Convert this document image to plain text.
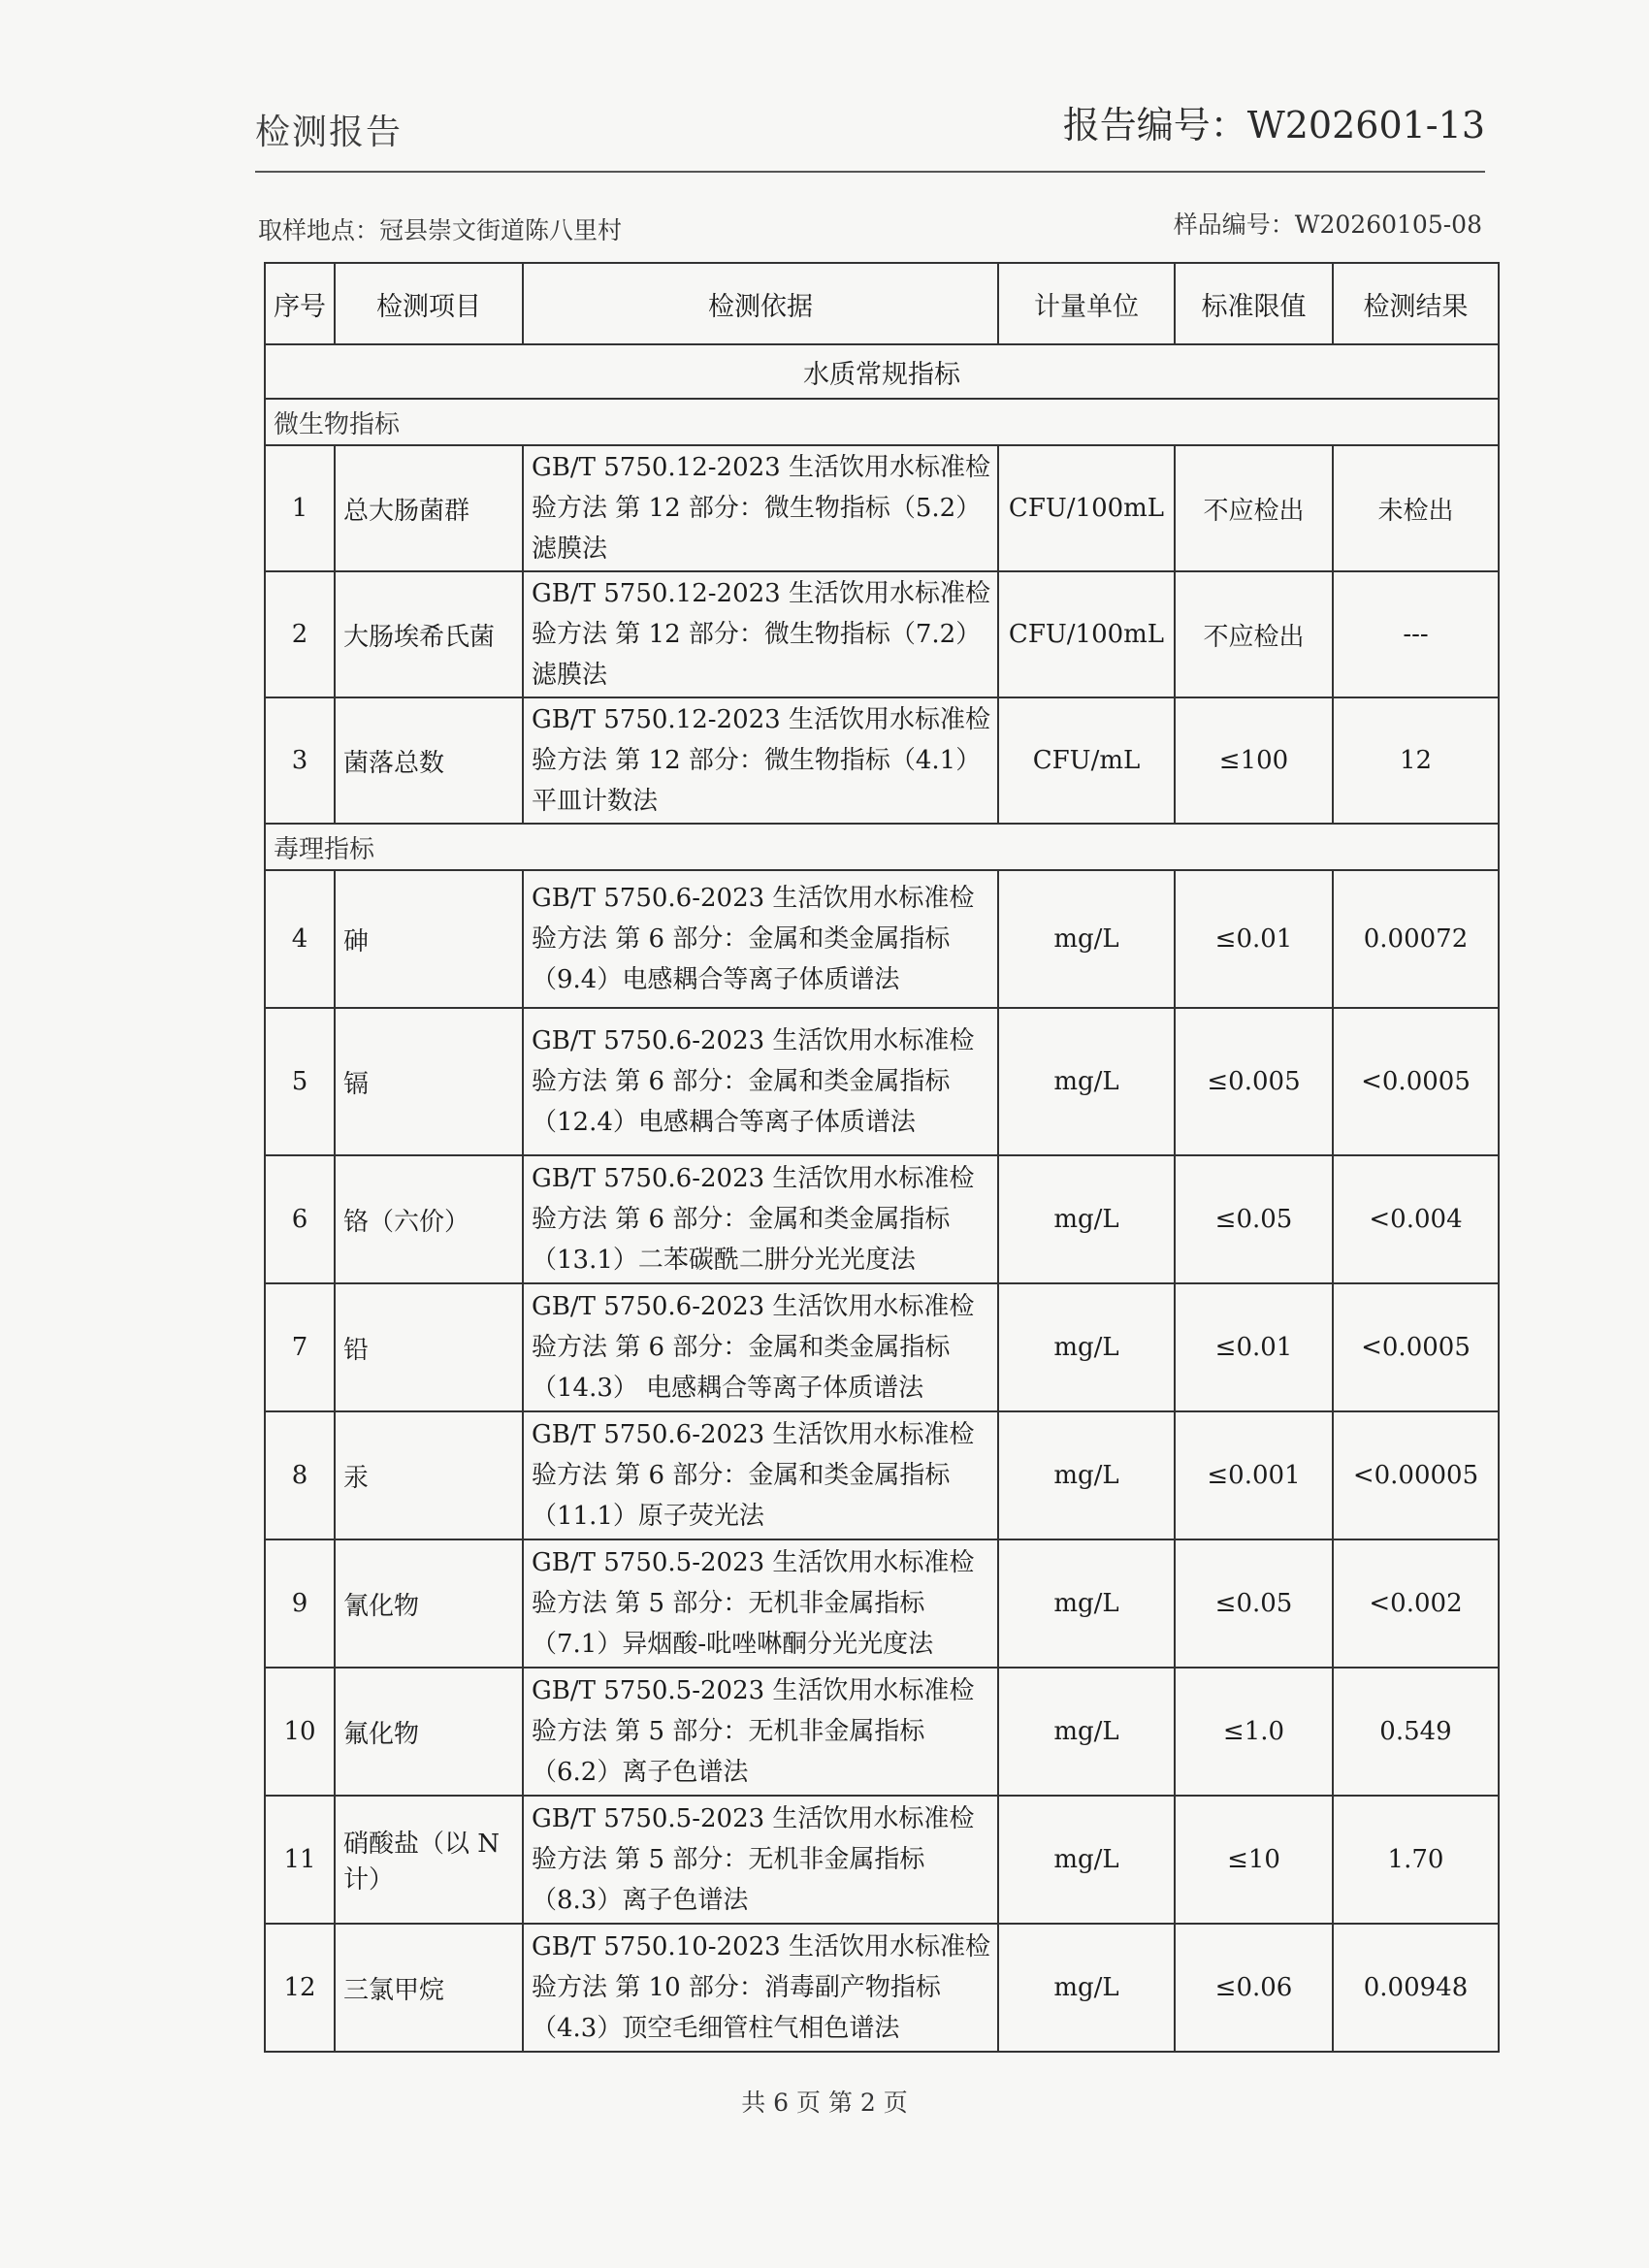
检测报告	报告编号：W202601-13
取样地点：冠县崇文街道陈八里村	样品编号：W20260105-08
序号	检测项目	检测依据	计量单位	标准限值	检测结果
水质常规指标					
微生物指标					
1	总大肠菌群	GB/T 5750.12-2023 生活饮用水标准检
验方法 第 12 部分：微生物指标（5.2）
滤膜法	CFU/100mL	不应检出	未检出
2	大肠埃希氏菌	GB/T 5750.12-2023 生活饮用水标准检
验方法 第 12 部分：微生物指标（7.2）
滤膜法	CFU/100mL	不应检出	---
3	菌落总数	GB/T 5750.12-2023 生活饮用水标准检
验方法 第 12 部分：微生物指标（4.1）
平皿计数法	CFU/mL	≤100	12
毒理指标					
4	砷	GB/T 5750.6-2023 生活饮用水标准检
验方法 第 6 部分：金属和类金属指标
（9.4）电感耦合等离子体质谱法	mg/L	≤0.01	0.00072
5	镉	GB/T 5750.6-2023 生活饮用水标准检
验方法 第 6 部分：金属和类金属指标
（12.4）电感耦合等离子体质谱法	mg/L	≤0.005	<0.0005
6	铬（六价）	GB/T 5750.6-2023 生活饮用水标准检
验方法 第 6 部分：金属和类金属指标
（13.1）二苯碳酰二肼分光光度法	mg/L	≤0.05	<0.004
7	铅	GB/T 5750.6-2023 生活饮用水标准检
验方法 第 6 部分：金属和类金属指标
（14.3） 电感耦合等离子体质谱法	mg/L	≤0.01	<0.0005
8	汞	GB/T 5750.6-2023 生活饮用水标准检
验方法 第 6 部分：金属和类金属指标
（11.1）原子荧光法	mg/L	≤0.001	<0.00005
9	氰化物	GB/T 5750.5-2023 生活饮用水标准检
验方法 第 5 部分：无机非金属指标
（7.1）异烟酸-吡唑啉酮分光光度法	mg/L	≤0.05	<0.002
10	氟化物	GB/T 5750.5-2023 生活饮用水标准检
验方法 第 5 部分：无机非金属指标
（6.2）离子色谱法	mg/L	≤1.0	0.549
11	硝酸盐（以 N 计）	GB/T 5750.5-2023 生活饮用水标准检
验方法 第 5 部分：无机非金属指标
（8.3）离子色谱法	mg/L	≤10	1.70
12	三氯甲烷	GB/T 5750.10-2023 生活饮用水标准检
验方法 第 10 部分：消毒副产物指标
（4.3）顶空毛细管柱气相色谱法	mg/L	≤0.06	0.00948
共 6 页 第 2 页
